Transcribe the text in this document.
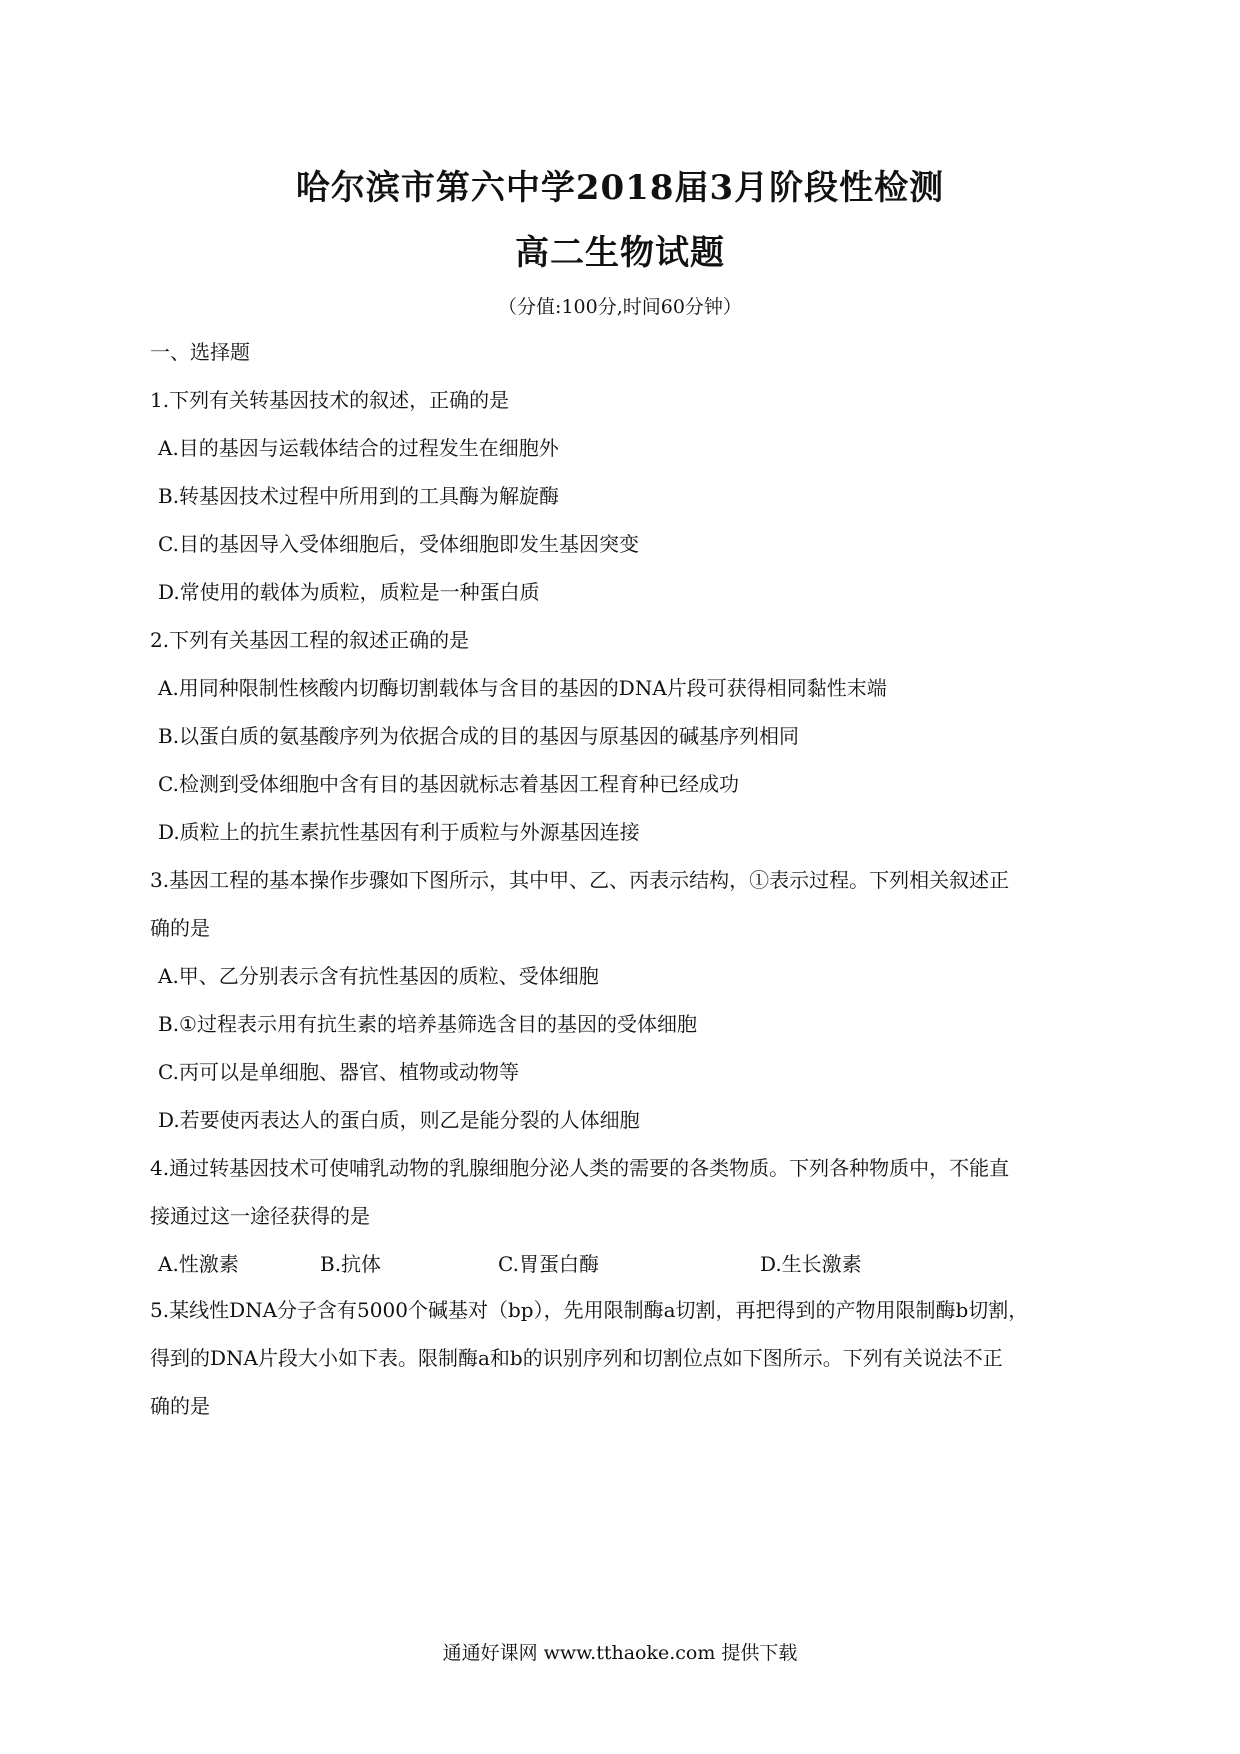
哈尔滨市第六中学2018届3月阶段性检测
高二生物试题
（分值:100分,时间60分钟）
一、选择题
1.下列有关转基因技术的叙述，正确的是
A.目的基因与运载体结合的过程发生在细胞外
B.转基因技术过程中所用到的工具酶为解旋酶
C.目的基因导入受体细胞后，受体细胞即发生基因突变
D.常使用的载体为质粒，质粒是一种蛋白质
2.下列有关基因工程的叙述正确的是
A.用同种限制性核酸内切酶切割载体与含目的基因的DNA片段可获得相同黏性末端
B.以蛋白质的氨基酸序列为依据合成的目的基因与原基因的碱基序列相同
C.检测到受体细胞中含有目的基因就标志着基因工程育种已经成功
D.质粒上的抗生素抗性基因有利于质粒与外源基因连接
3.基因工程的基本操作步骤如下图所示，其中甲、乙、丙表示结构，①表示过程。下列相关叙述正
确的是
A.甲、乙分别表示含有抗性基因的质粒、受体细胞
B.①过程表示用有抗生素的培养基筛选含目的基因的受体细胞
C.丙可以是单细胞、器官、植物或动物等
D.若要使丙表达人的蛋白质，则乙是能分裂的人体细胞
4.通过转基因技术可使哺乳动物的乳腺细胞分泌人类的需要的各类物质。下列各种物质中，不能直
接通过这一途径获得的是
A.性激素	B.抗体	C.胃蛋白酶	D.生长激素
5.某线性DNA分子含有5000个碱基对（bp），先用限制酶a切割，再把得到的产物用限制酶b切割，
得到的DNA片段大小如下表。限制酶a和b的识别序列和切割位点如下图所示。下列有关说法不正
确的是
通通好课网 www.tthaoke.com 提供下载
